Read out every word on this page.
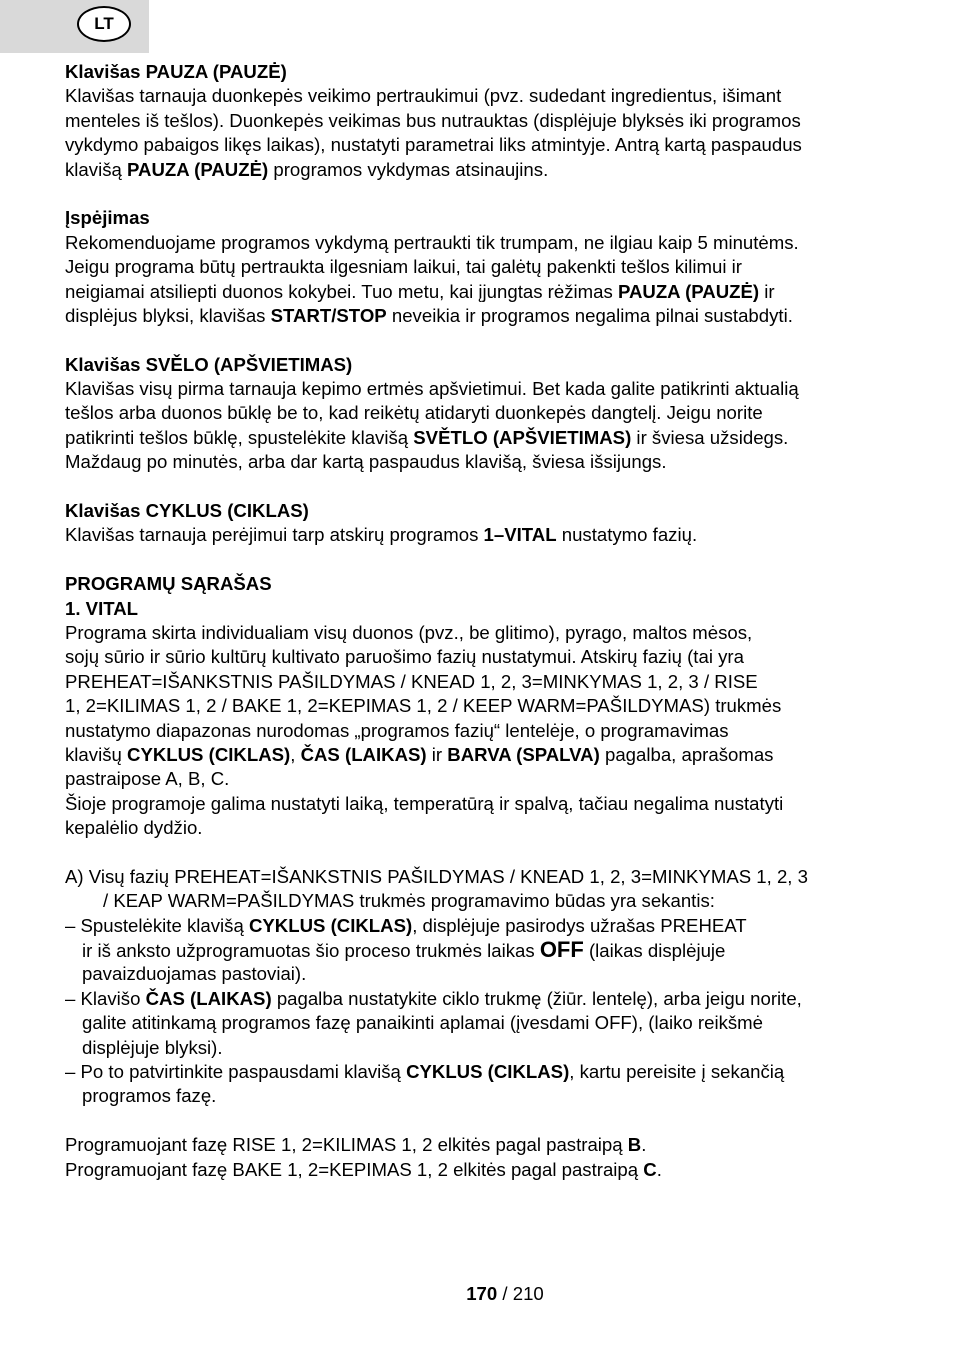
LT
Klavišas PAUZA (PAUZĖ)
Klavišas tarnauja duonkepės veikimo pertraukimui (pvz. sudedant ingredientus, išimant
menteles iš tešlos). Duonkepės veikimas bus nutrauktas (displėjuje blyksės iki programos
vykdymo pabaigos likęs laikas), nustatyti parametrai liks atmintyje. Antrą kartą paspaudus
klavišą PAUZA (PAUZĖ) programos vykdymas atsinaujins.
Įspėjimas
Rekomenduojame programos vykdymą pertraukti tik trumpam, ne ilgiau kaip 5 minutėms.
Jeigu programa būtų pertraukta ilgesniam laikui, tai galėtų pakenkti tešlos kilimui ir
neigiamai atsiliepti duonos kokybei. Tuo metu, kai įjungtas rėžimas PAUZA (PAUZĖ) ir
displėjus blyksi, klavišas START/STOP neveikia ir programos negalima pilnai sustabdyti.
Klavišas SVĚLO (APŠVIETIMAS)
Klavišas visų pirma tarnauja kepimo ertmės apšvietimui. Bet kada galite patikrinti aktualią
tešlos arba duonos būklę be to, kad reikėtų atidaryti duonkepės dangtelį. Jeigu norite
patikrinti tešlos būklę, spustelėkite klavišą SVĚTLO (APŠVIETIMAS) ir šviesa užsidegs.
Maždaug po minutės, arba dar kartą paspaudus klavišą, šviesa išsijungs.
Klavišas CYKLUS (CIKLAS)
Klavišas tarnauja perėjimui tarp atskirų programos 1–VITAL nustatymo fazių.
PROGRAMŲ SĄRAŠAS
1. VITAL
Programa skirta individualiam visų duonos (pvz., be glitimo), pyrago, maltos mėsos,
sojų sūrio ir sūrio kultūrų kultivato paruošimo fazių nustatymui. Atskirų fazių (tai yra
PREHEAT=IŠANKSTNIS PAŠILDYMAS / KNEAD 1, 2, 3=MINKYMAS 1, 2, 3 / RISE
1, 2=KILIMAS 1, 2 / BAKE 1, 2=KEPIMAS 1, 2 / KEEP WARM=PAŠILDYMAS) trukmės
nustatymo diapazonas nurodomas „programos fazių“ lentelėje, o programavimas
klavišų CYKLUS (CIKLAS), ČAS (LAIKAS) ir BARVA (SPALVA) pagalba, aprašomas
pastraipose A, B, C.
Šioje programoje galima nustatyti laiką, temperatūrą ir spalvą, tačiau negalima nustatyti
kepalėlio dydžio.
A) Visų fazių PREHEAT=IŠANKSTNIS PAŠILDYMAS / KNEAD 1, 2, 3=MINKYMAS 1, 2, 3
/ KEAP WARM=PAŠILDYMAS trukmės programavimo būdas yra sekantis:
– Spustelėkite klavišą CYKLUS (CIKLAS), displėjuje pasirodys užrašas PREHEAT
ir iš anksto užprogramuotas šio proceso trukmės laikas OFF (laikas displėjuje
pavaizduojamas pastoviai).
– Klavišo ČAS (LAIKAS) pagalba nustatykite ciklo trukmę (žiūr. lentelę), arba jeigu norite,
galite atitinkamą programos fazę panaikinti aplamai (įvesdami OFF), (laiko reikšmė
displėjuje blyksi).
– Po to patvirtinkite paspausdami klavišą CYKLUS (CIKLAS), kartu pereisite į sekančią
programos fazę.
Programuojant fazę RISE 1, 2=KILIMAS 1, 2 elkitės pagal pastraipą B.
Programuojant fazę BAKE 1, 2=KEPIMAS 1, 2 elkitės pagal pastraipą C.
170 / 210
